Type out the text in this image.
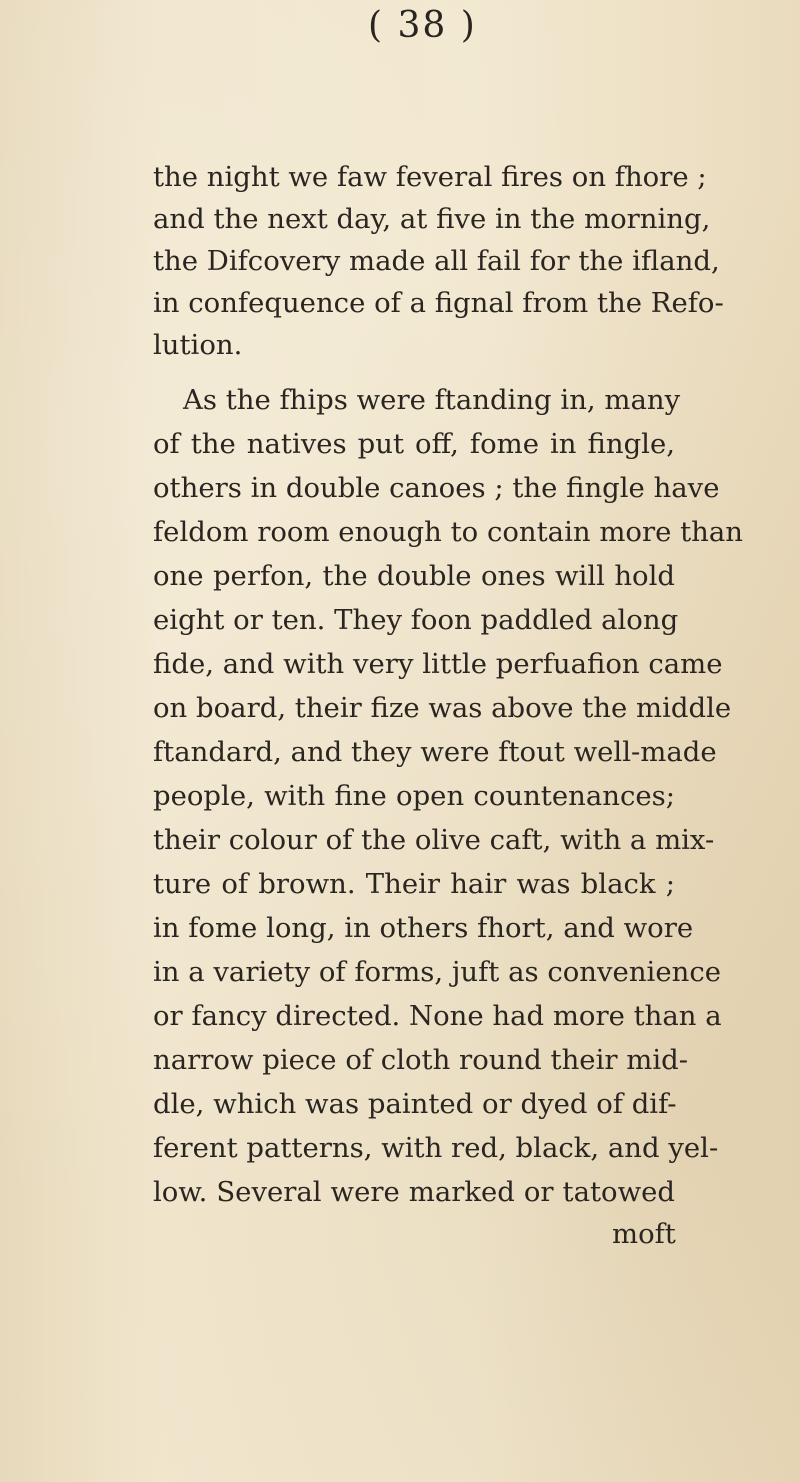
( 38 )
the night we faw feveral fires on fhore ;
and the next day, at five in the morning,
the Difcovery made all fail for the ifland,
in confequence of a fignal from the Refo-
lution.
As the fhips were ftanding in, many
of the natives put off, fome in fingle,
others in double canoes ; the fingle have
feldom room enough to contain more than
one perfon, the double ones will hold
eight or ten. They foon paddled along
fide, and with very little perfuafion came
on board, their fize was above the middle
ftandard, and they were ftout well-made
people, with fine open countenances;
their colour of the olive caft, with a mix-
ture of brown. Their hair was black ;
in fome long, in others fhort, and wore
in a variety of forms, juft as convenience
or fancy directed. None had more than a
narrow piece of cloth round their mid-
dle, which was painted or dyed of dif-
ferent patterns, with red, black, and yel-
low. Several were marked or tatowed
moft
